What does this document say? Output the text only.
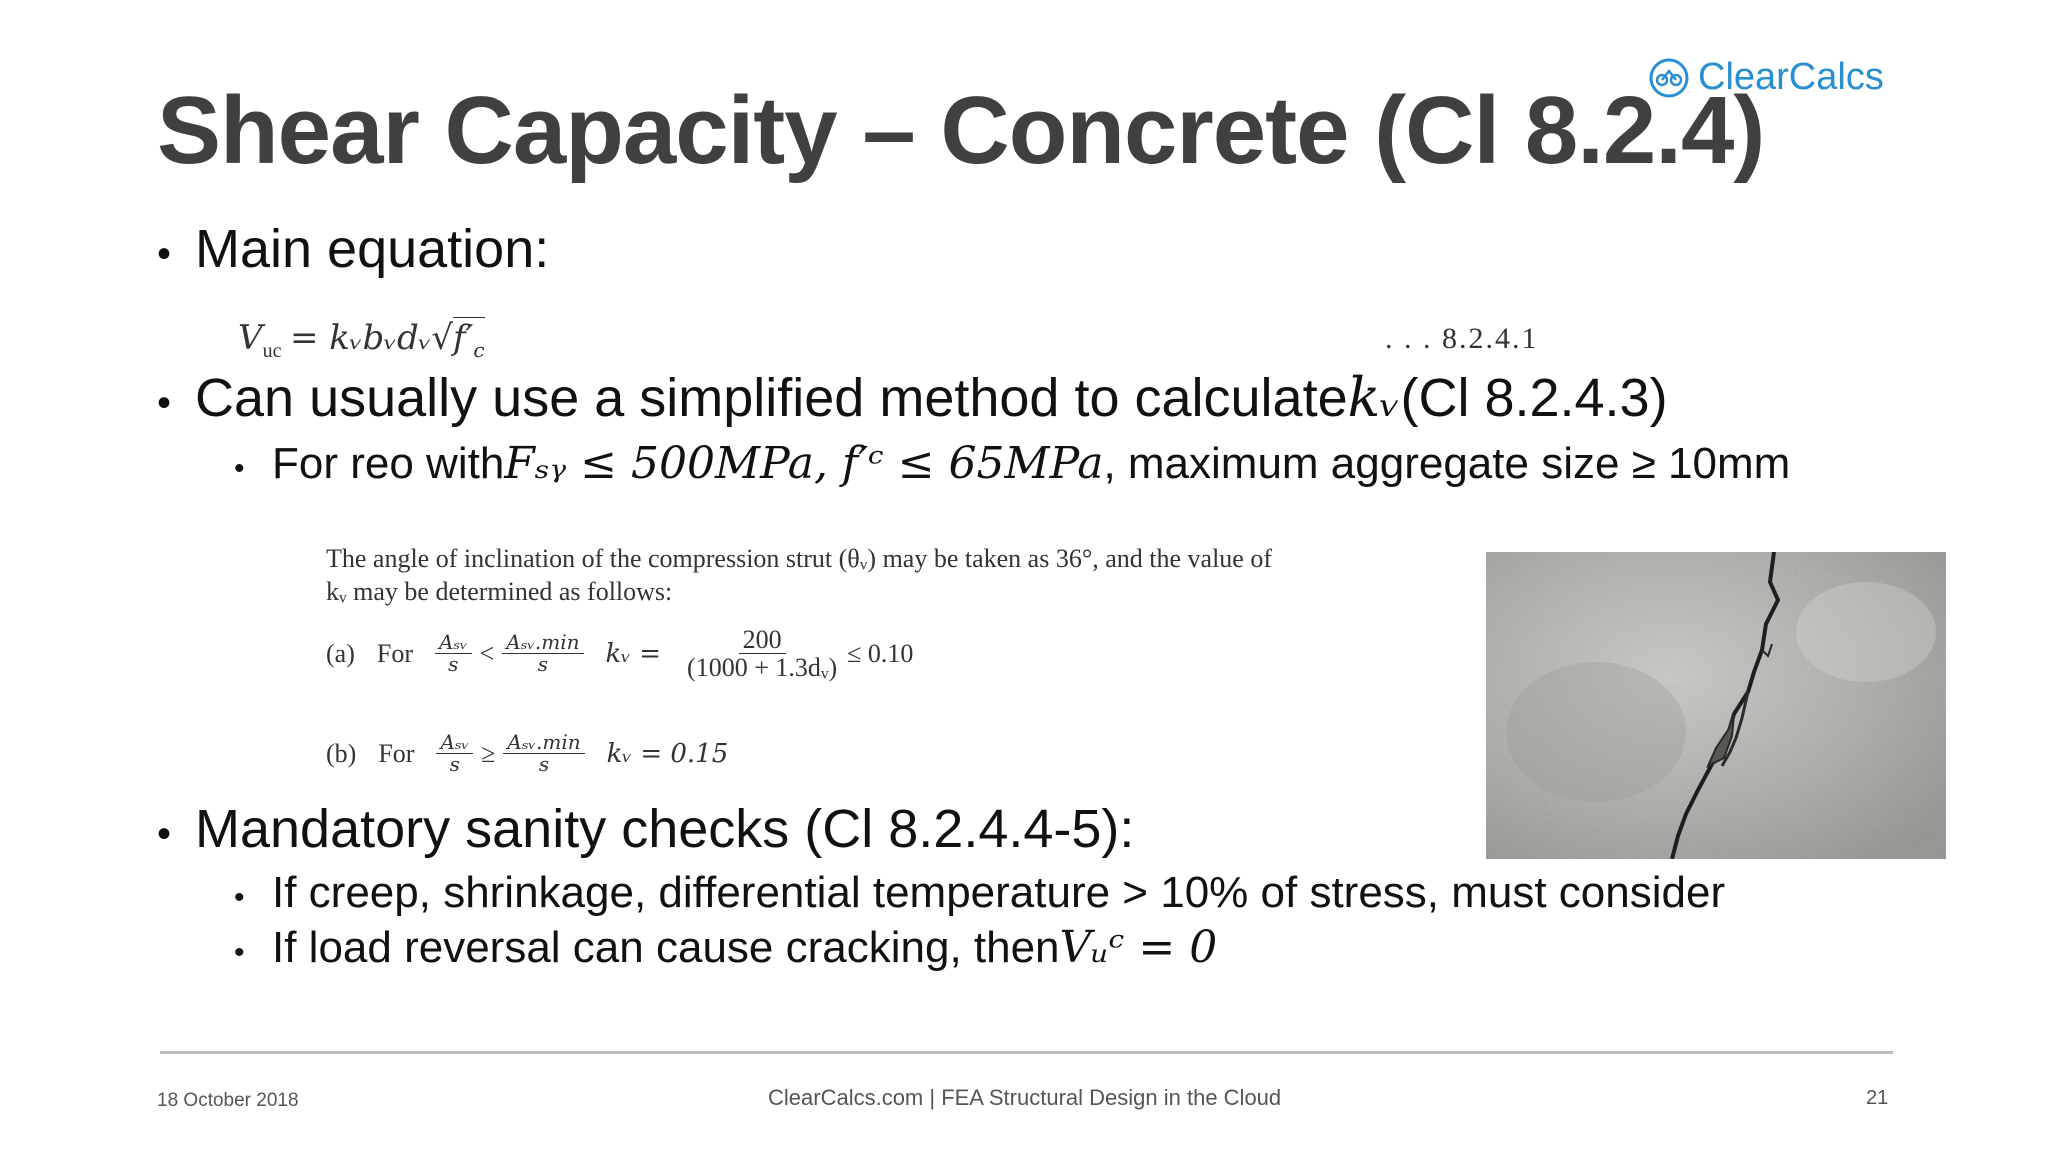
Shear Capacity – Concrete (Cl 8.2.4)
ClearCalcs
• Main equation:
$V_{uc}$ = $kᵥbᵥdᵥ√f'_c$	. . . 8.2.4.1
• Can usually use a simplified method to calculate kᵥ (Cl 8.2.4.3)
• For reo with Fₛᵧ ≤ 500MPa, f′ᶜ ≤ 65MPa , maximum aggregate size ≥ 10mm
The angle of inclination of the compression strut (θᵥ) may be taken as 36°, and the value of
kᵥ may be determined as follows:
(a) For $\frac{\text{Aₛᵥ}}{s} < \frac{\text{Aₛᵥ.min}}{s}$ kᵥ = $\frac{200}{\text{(1000 + 1.3dᵥ)}} \le 0.10$
(b) For $\frac{\text{Aₛᵥ}}{s} \ge \frac{\text{Aₛᵥ.min}}{s}$ kᵥ = 0.15
• Mandatory sanity checks (Cl 8.2.4.4-5):
• If creep, shrinkage, differential temperature > 10% of stress, must consider
• If load reversal can cause cracking, then Vᵤᶜ = 0
18 October 2018	ClearCalcs.com | FEA Structural Design in the Cloud	21
